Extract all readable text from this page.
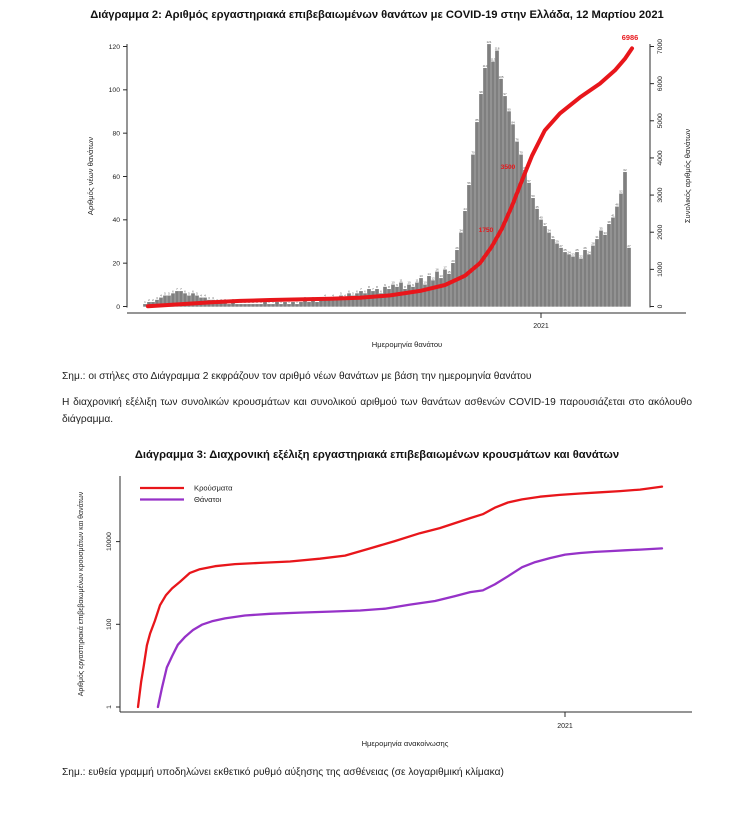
Διάγραμμα 2: Αριθμός εργαστηριακά επιβεβαιωμένων θανάτων με COVID-19 στην Ελλάδα, 12 Μαρτίου 2021
1
2 2
3
4
5 5
6
7 7
6
5
6
5
4 4
3 3
2 2 2
1
2
1 1 1 1 1 1 1
2
1 1
2
1
2
1
2
1
2
3
2
3
2
3
4
3
4
3
5
4
6
5
6
7
6
8
7
8
6
9
8
10
9
11
8
10
9
11
13
10
14
12
16
13
17
15
20
26
34
44
56
70
85
98
110
121
113
118
105
97
90
84
76
70
63
57
50
45
40
37
34
31
29
27
25
24
23
25
22
26
24
28
31
35
33
38
41
46
52
62
27
3500
1750
6986
0
20
40
60
80
100
120
0
1000
2000
3000
4000
5000
6000
7000
2021
Ημερομηνία θανάτου
Αριθμός νέων θανάτων	Συνολικός αριθμός θανάτων
Κρούσματα
Θάνατοι
1
100
10000
2021
Ημερομηνία ανακοίνωσης
Αριθμός εργαστηριακά επιβεβαιωμένων κρουσμάτων και θανάτων
Σημ.: οι στήλες στο Διάγραμμα 2 εκφράζουν τον αριθμό νέων θανάτων με βάση την ημερομηνία θανάτου
Η διαχρονική εξέλιξη των συνολικών κρουσμάτων και συνολικού αριθμού των θανάτων ασθενών COVID-19 παρουσιάζεται στο ακόλουθο διάγραμμα.
Διάγραμμα 3: Διαχρονική εξέλιξη εργαστηριακά επιβεβαιωμένων κρουσμάτων και θανάτων
Σημ.: ευθεία γραμμή υποδηλώνει εκθετικό ρυθμό αύξησης της ασθένειας (σε λογαριθμική κλίμακα)
